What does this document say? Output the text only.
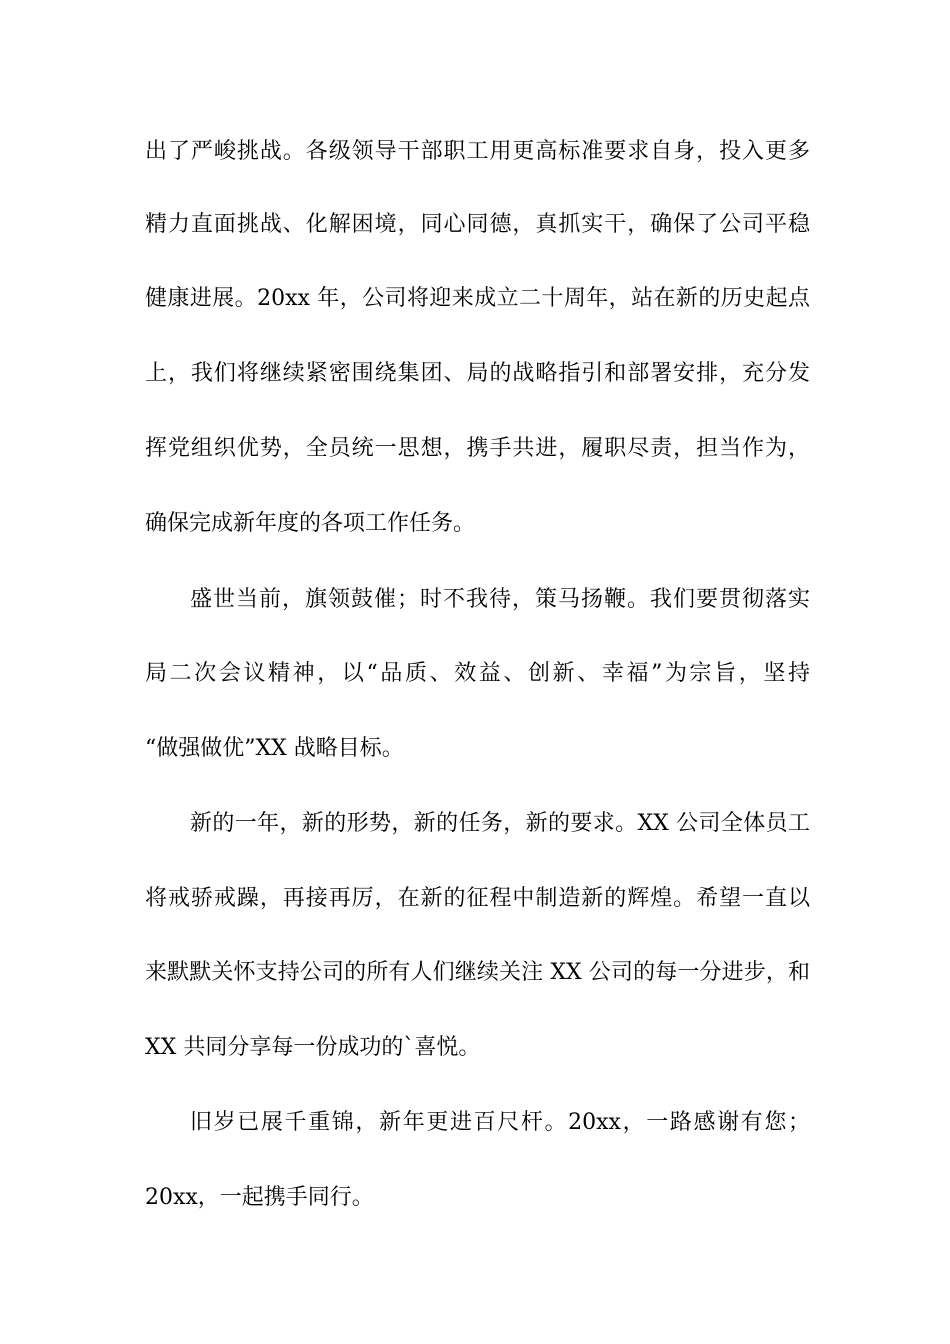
出了严峻挑战。各级领导干部职工用更高标准要求自身，投入更多
精力直面挑战、化解困境，同心同德，真抓实干，确保了公司平稳
健康进展。20xx 年，公司将迎来成立二十周年，站在新的历史起点
上，我们将继续紧密围绕集团、局的战略指引和部署安排，充分发
挥党组织优势，全员统一思想，携手共进，履职尽责，担当作为，
确保完成新年度的各项工作任务。
盛世当前，旗领鼓催；时不我待，策马扬鞭。我们要贯彻落实
局二次会议精神，以“品质、效益、创新、幸福”为宗旨，坚持
“做强做优”XX 战略目标。
新的一年，新的形势，新的任务，新的要求。XX 公司全体员工
将戒骄戒躁，再接再厉，在新的征程中制造新的辉煌。希望一直以
来默默关怀支持公司的所有人们继续关注 XX 公司的每一分进步，和
XX 共同分享每一份成功的`喜悦。
旧岁已展千重锦，新年更进百尺杆。20xx，一路感谢有您；
20xx，一起携手同行。
